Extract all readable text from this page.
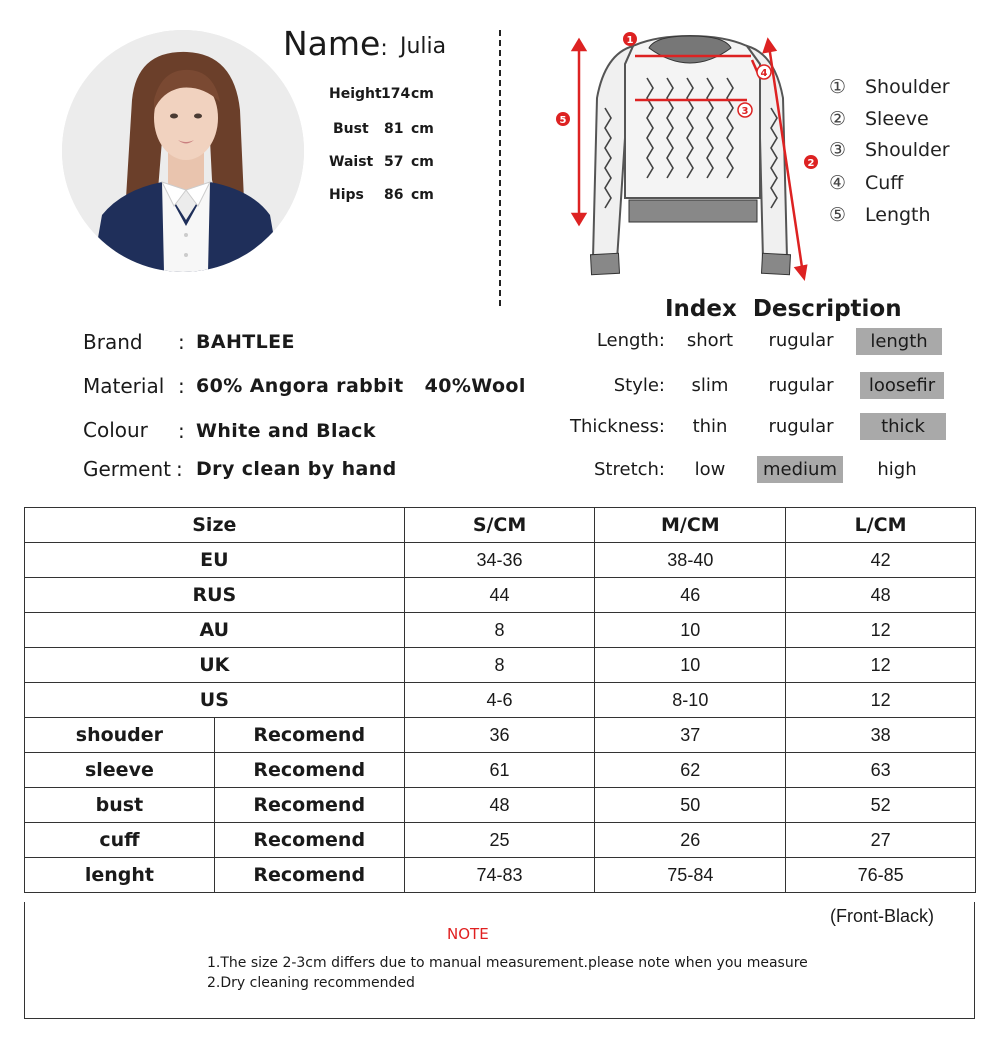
Name: Julia
Height 174 cm
Bust 81 cm
Waist 57 cm
Hips 86 cm
1
2
3
4
5
① Shoulder
② Sleeve
③ Shoulder
④ Cuff
⑤ Length
Brand : BAHTLEE
Material : 60% Angora rabbit   40%Wool
Colour : White and Black
Germent : Dry clean by hand
Index  Description
Length:	short	rugular	length
Style:	slim	rugular	loosefir
Thickness:	thin	rugular	thick
Stretch:	low	medium	high
Size		S/CM	M/CM	L/CM
EU		34-36	38-40	42
RUS		44	46	48
AU		8	10	12
UK		8	10	12
US		4-6	8-10	12
shouder	Recomend	36	37	38
sleeve	Recomend	61	62	63
bust	Recomend	48	50	52
cuff	Recomend	25	26	27
lenght	Recomend	74-83	75-84	76-85
(Front-Black)
NOTE
1.The size 2-3cm differs due to manual measurement.please note when you measure
2.Dry cleaning recommended
